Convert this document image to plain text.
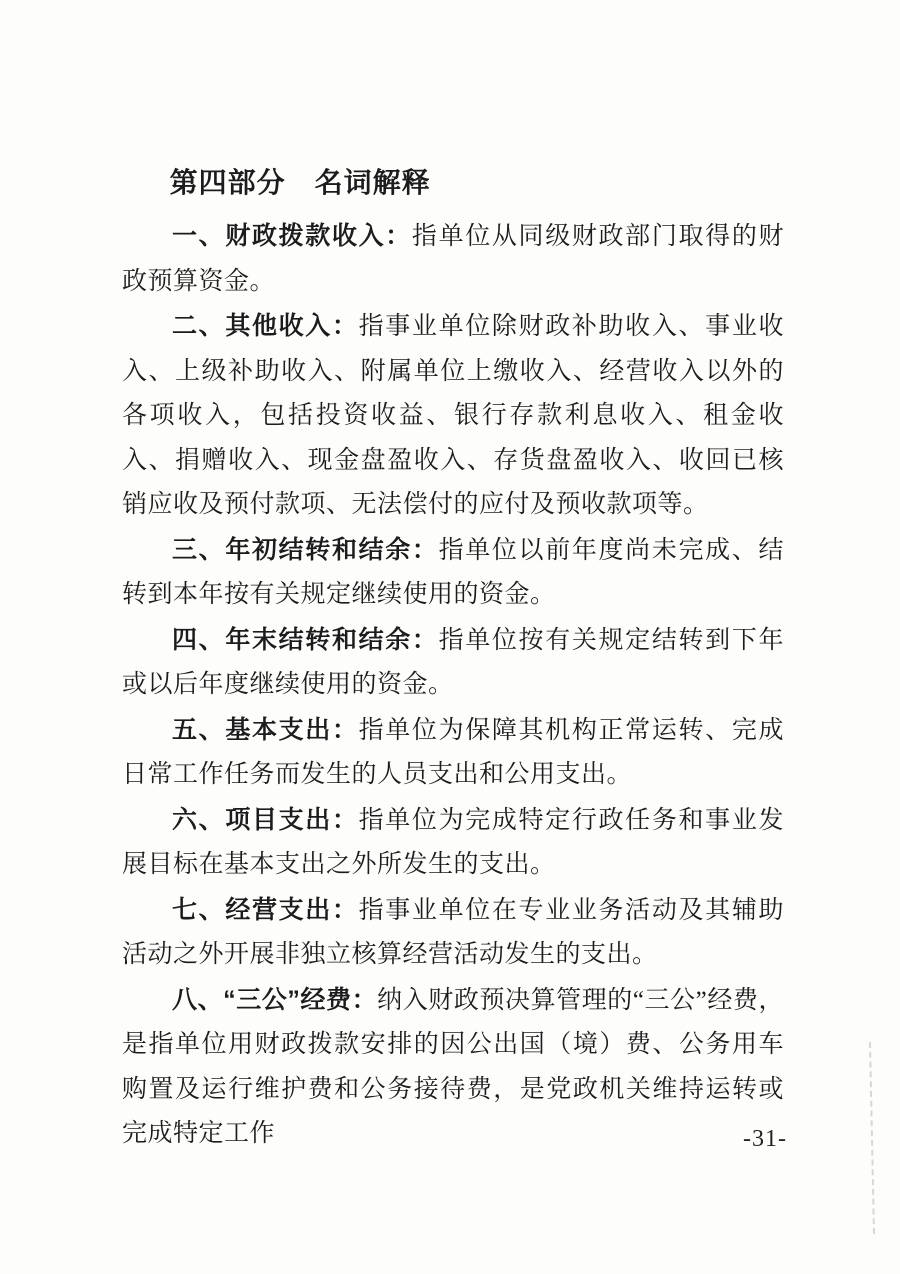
第四部分　名词解释

一、财政拨款收入：指单位从同级财政部门取得的财政预算资金。

二、其他收入：指事业单位除财政补助收入、事业收入、上级补助收入、附属单位上缴收入、经营收入以外的各项收入，包括投资收益、银行存款利息收入、租金收入、捐赠收入、现金盘盈收入、存货盘盈收入、收回已核销应收及预付款项、无法偿付的应付及预收款项等。

三、年初结转和结余：指单位以前年度尚未完成、结转到本年按有关规定继续使用的资金。

四、年末结转和结余：指单位按有关规定结转到下年或以后年度继续使用的资金。

五、基本支出：指单位为保障其机构正常运转、完成日常工作任务而发生的人员支出和公用支出。

六、项目支出：指单位为完成特定行政任务和事业发展目标在基本支出之外所发生的支出。

七、经营支出：指事业单位在专业业务活动及其辅助活动之外开展非独立核算经营活动发生的支出。

八、“三公”经费：纳入财政预决算管理的“三公”经费，是指单位用财政拨款安排的因公出国（境）费、公务用车购置及运行维护费和公务接待费，是党政机关维持运转或完成特定工作	-31-
